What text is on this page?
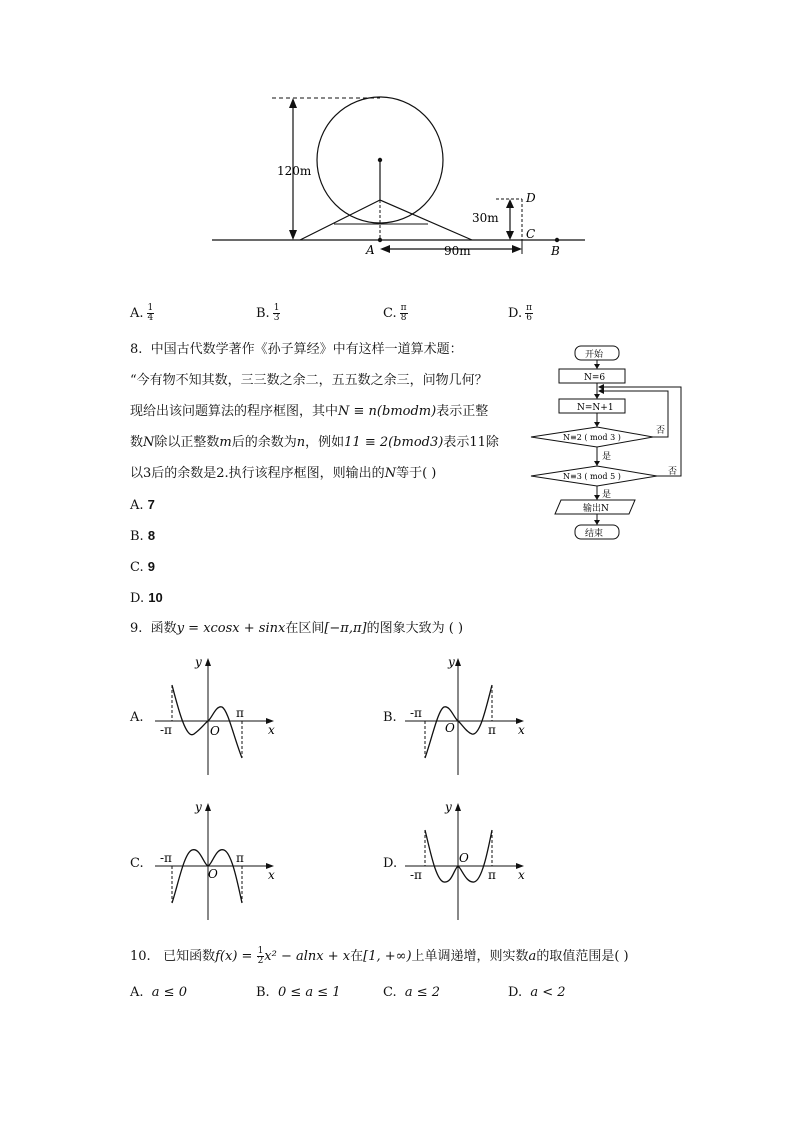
120m
30m
90m
A	B
C
D
A. $\frac{1}{4}$	B. $\frac{1}{3}$	C. $\frac{\pi}{8}$	D. $\frac{\pi}{6}$
8. 中国古代数学著作《孙子算经》中有这样一道算术题：
“今有物不知其数，三三数之余二，五五数之余三，问物几何？
现给出该问题算法的程序框图，其中N ≡ n(bmodm)表示正整
数N除以正整数m后的余数为n，例如11 ≡ 2(bmod3)表示11除
以3后的余数是2.执行该程序框图，则输出的N等于( )
A. 7
B. 8
C. 9
D. 10
开始
N=6
N=N+1
N≡2 ( mod 3 )
N≡3 ( mod 5 )
是
是
否
否
输出N
结束
9. 函数y = xcosx + sinx在区间[−π,π]的图象大致为 ( )
A.
y
x
O
-π
π	B.
y
x
O
-π
π
C.
y
x
O
-π	π	D.
y
x
O
-π	π
10. 已知函数$f(x) = \frac{1}{2} x^2 - alnx + x$在[1, +∞)上单调递增，则实数a的取值范围是( )
A. a ≤ 0	B. 0 ≤ a ≤ 1	C. a ≤ 2	D. a < 2
